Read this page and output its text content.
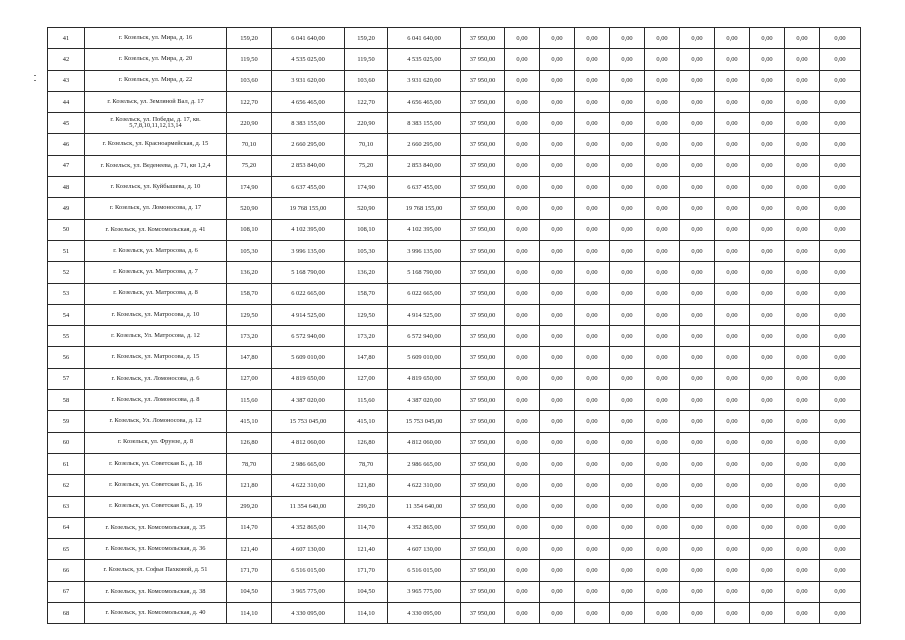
41	г. Козельск, ул. Мира, д. 16	159,20	6 041 640,00	159,20	6 041 640,00	37 950,00	0,00	0,00	0,00	0,00	0,00	0,00	0,00	0,00	0,00	0,00
42	г. Козельск, ул. Мира, д. 20	119,50	4 535 025,00	119,50	4 535 025,00	37 950,00	0,00	0,00	0,00	0,00	0,00	0,00	0,00	0,00	0,00	0,00
43	г. Козельск, ул. Мира, д. 22	103,60	3 931 620,00	103,60	3 931 620,00	37 950,00	0,00	0,00	0,00	0,00	0,00	0,00	0,00	0,00	0,00	0,00
44	г. Козельск, ул. Земляной Вал, д. 17	122,70	4 656 465,00	122,70	4 656 465,00	37 950,00	0,00	0,00	0,00	0,00	0,00	0,00	0,00	0,00	0,00	0,00
45	г. Козельск, ул. Победы, д. 17, кв. 5,7,8,10,11,12,13,14	220,90	8 383 155,00	220,90	8 383 155,00	37 950,00	0,00	0,00	0,00	0,00	0,00	0,00	0,00	0,00	0,00	0,00
46	г. Козельск, ул. Красноармейская, д. 15	70,10	2 660 295,00	70,10	2 660 295,00	37 950,00	0,00	0,00	0,00	0,00	0,00	0,00	0,00	0,00	0,00	0,00
47	г. Козельск, ул. Веденеева, д. 71, кв 1,2,4	75,20	2 853 840,00	75,20	2 853 840,00	37 950,00	0,00	0,00	0,00	0,00	0,00	0,00	0,00	0,00	0,00	0,00
48	г. Козельск, ул. Куйбышева, д. 10	174,90	6 637 455,00	174,90	6 637 455,00	37 950,00	0,00	0,00	0,00	0,00	0,00	0,00	0,00	0,00	0,00	0,00
49	г. Козельск, ул. Ломоносова, д. 17	520,90	19 768 155,00	520,90	19 768 155,00	37 950,00	0,00	0,00	0,00	0,00	0,00	0,00	0,00	0,00	0,00	0,00
50	г. Козельск, ул. Комсомольская, д. 41	108,10	4 102 395,00	108,10	4 102 395,00	37 950,00	0,00	0,00	0,00	0,00	0,00	0,00	0,00	0,00	0,00	0,00
51	г. Козельск, ул. Матросова, д. 6	105,30	3 996 135,00	105,30	3 996 135,00	37 950,00	0,00	0,00	0,00	0,00	0,00	0,00	0,00	0,00	0,00	0,00
52	г. Козельск, ул. Матросова, д. 7	136,20	5 168 790,00	136,20	5 168 790,00	37 950,00	0,00	0,00	0,00	0,00	0,00	0,00	0,00	0,00	0,00	0,00
53	г. Козельск, ул. Матросова, д. 8	158,70	6 022 665,00	158,70	6 022 665,00	37 950,00	0,00	0,00	0,00	0,00	0,00	0,00	0,00	0,00	0,00	0,00
54	г. Козельск, ул. Матросова, д. 10	129,50	4 914 525,00	129,50	4 914 525,00	37 950,00	0,00	0,00	0,00	0,00	0,00	0,00	0,00	0,00	0,00	0,00
55	г. Козельск, Ул. Матросова, д. 12	173,20	6 572 940,00	173,20	6 572 940,00	37 950,00	0,00	0,00	0,00	0,00	0,00	0,00	0,00	0,00	0,00	0,00
56	г. Козельск, ул. Матросова, д. 15	147,80	5 609 010,00	147,80	5 609 010,00	37 950,00	0,00	0,00	0,00	0,00	0,00	0,00	0,00	0,00	0,00	0,00
57	г. Козельск, ул. Ломоносова, д. 6	127,00	4 819 650,00	127,00	4 819 650,00	37 950,00	0,00	0,00	0,00	0,00	0,00	0,00	0,00	0,00	0,00	0,00
58	г. Козельск, ул. Ломоносова, д. 8	115,60	4 387 020,00	115,60	4 387 020,00	37 950,00	0,00	0,00	0,00	0,00	0,00	0,00	0,00	0,00	0,00	0,00
59	г. Козельск, Ул. Ломоносова, д. 12	415,10	15 753 045,00	415,10	15 753 045,00	37 950,00	0,00	0,00	0,00	0,00	0,00	0,00	0,00	0,00	0,00	0,00
60	г. Козельск, ул. Фрунзе, д. 8	126,80	4 812 060,00	126,80	4 812 060,00	37 950,00	0,00	0,00	0,00	0,00	0,00	0,00	0,00	0,00	0,00	0,00
61	г. Козельск, ул. Советская Б., д. 18	78,70	2 986 665,00	78,70	2 986 665,00	37 950,00	0,00	0,00	0,00	0,00	0,00	0,00	0,00	0,00	0,00	0,00
62	г. Козельск, ул. Советская Б., д. 16	121,80	4 622 310,00	121,80	4 622 310,00	37 950,00	0,00	0,00	0,00	0,00	0,00	0,00	0,00	0,00	0,00	0,00
63	г. Козельск, ул. Советская Б., д. 19	299,20	11 354 640,00	299,20	11 354 640,00	37 950,00	0,00	0,00	0,00	0,00	0,00	0,00	0,00	0,00	0,00	0,00
64	г. Козельск, ул. Комсомольская, д. 35	114,70	4 352 865,00	114,70	4 352 865,00	37 950,00	0,00	0,00	0,00	0,00	0,00	0,00	0,00	0,00	0,00	0,00
65	г. Козельск, ул. Комсомольская, д. 36	121,40	4 607 130,00	121,40	4 607 130,00	37 950,00	0,00	0,00	0,00	0,00	0,00	0,00	0,00	0,00	0,00	0,00
66	г. Козельск, ул. Софьи Пахковой, д. 51	171,70	6 516 015,00	171,70	6 516 015,00	37 950,00	0,00	0,00	0,00	0,00	0,00	0,00	0,00	0,00	0,00	0,00
67	г. Козельск, ул. Комсомольская, д. 38	104,50	3 965 775,00	104,50	3 965 775,00	37 950,00	0,00	0,00	0,00	0,00	0,00	0,00	0,00	0,00	0,00	0,00
68	г. Козельск, ул. Комсомольская, д. 40	114,10	4 330 095,00	114,10	4 330 095,00	37 950,00	0,00	0,00	0,00	0,00	0,00	0,00	0,00	0,00	0,00	0,00
